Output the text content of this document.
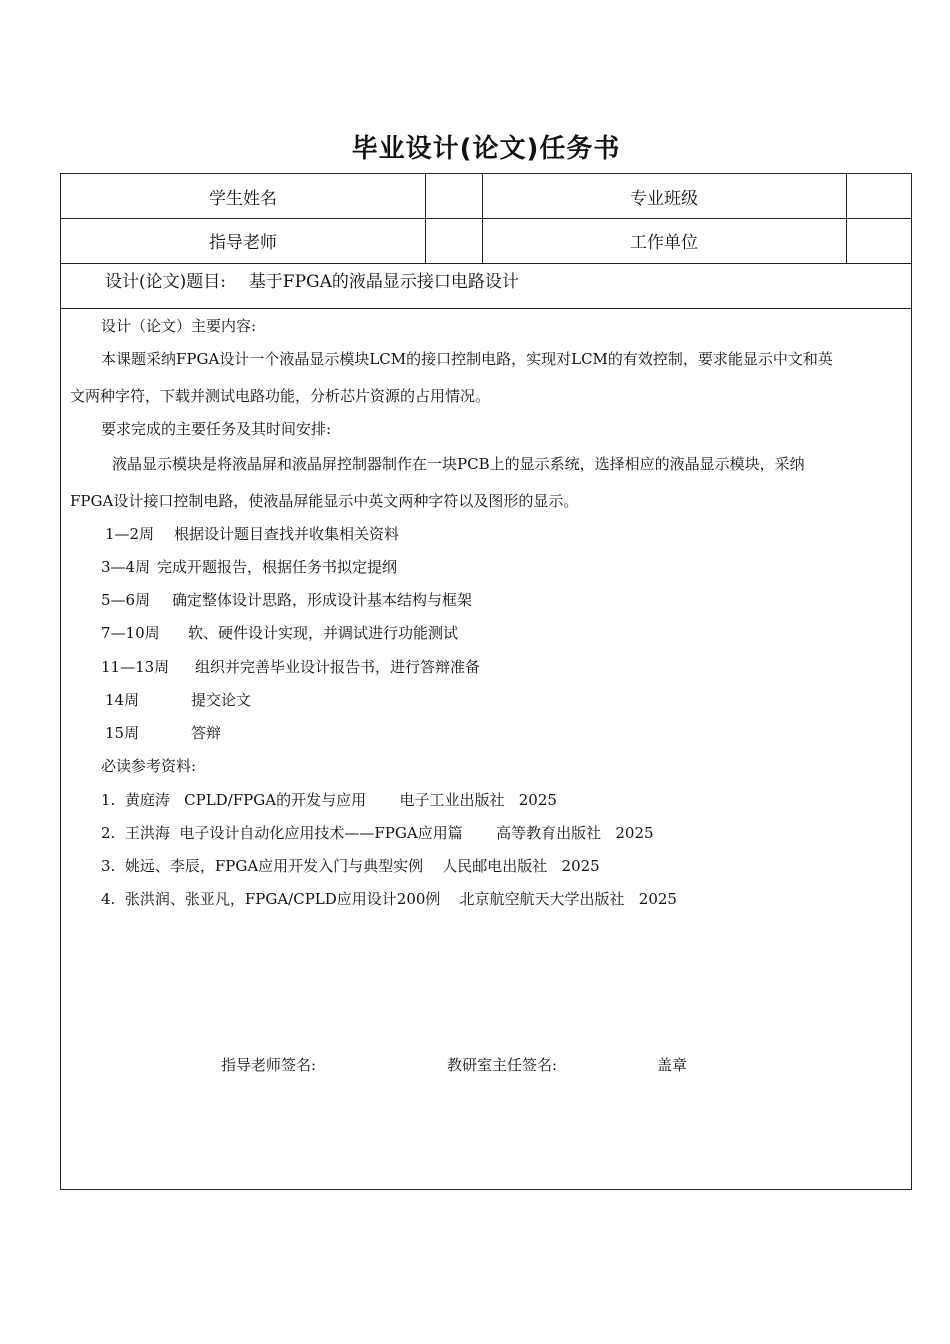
毕业设计(论文)任务书
学生姓名	专业班级
指导老师	工作单位
设计(论文)题目: 基于FPGA的液晶显示接口电路设计
设计（论文）主要内容:
本课题采纳FPGA设计一个液晶显示模块LCM的接口控制电路，实现对LCM的有效控制，要求能显示中文和英
文两种字符，下载并测试电路功能，分析芯片资源的占用情况。
要求完成的主要任务及其时间安排:
液晶显示模块是将液晶屏和液晶屏控制器制作在一块PCB上的显示系统，选择相应的液晶显示模块，采纳
FPGA设计接口控制电路，使液晶屏能显示中英文两种字符以及图形的显示。
1—2周 根据设计题目查找并收集相关资料
3—4周 完成开题报告，根据任务书拟定提纲
5—6周 确定整体设计思路，形成设计基本结构与框架
7—10周 软、硬件设计实现，并调试进行功能测试
11—13周 组织并完善毕业设计报告书，进行答辩准备
14周	提交论文
15周	答辩
必读参考资料:
1.  黄庭涛   CPLD/FPGA的开发与应用       电子工业出版社   2025
2.  王洪海  电子设计自动化应用技术——FPGA应用篇       高等教育出版社   2025
3.  姚远、李辰，FPGA应用开发入门与典型实例    人民邮电出版社   2025
4.  张洪润、张亚凡，FPGA/CPLD应用设计200例    北京航空航天大学出版社   2025
指导老师签名:	教研室主任签名:	盖章
